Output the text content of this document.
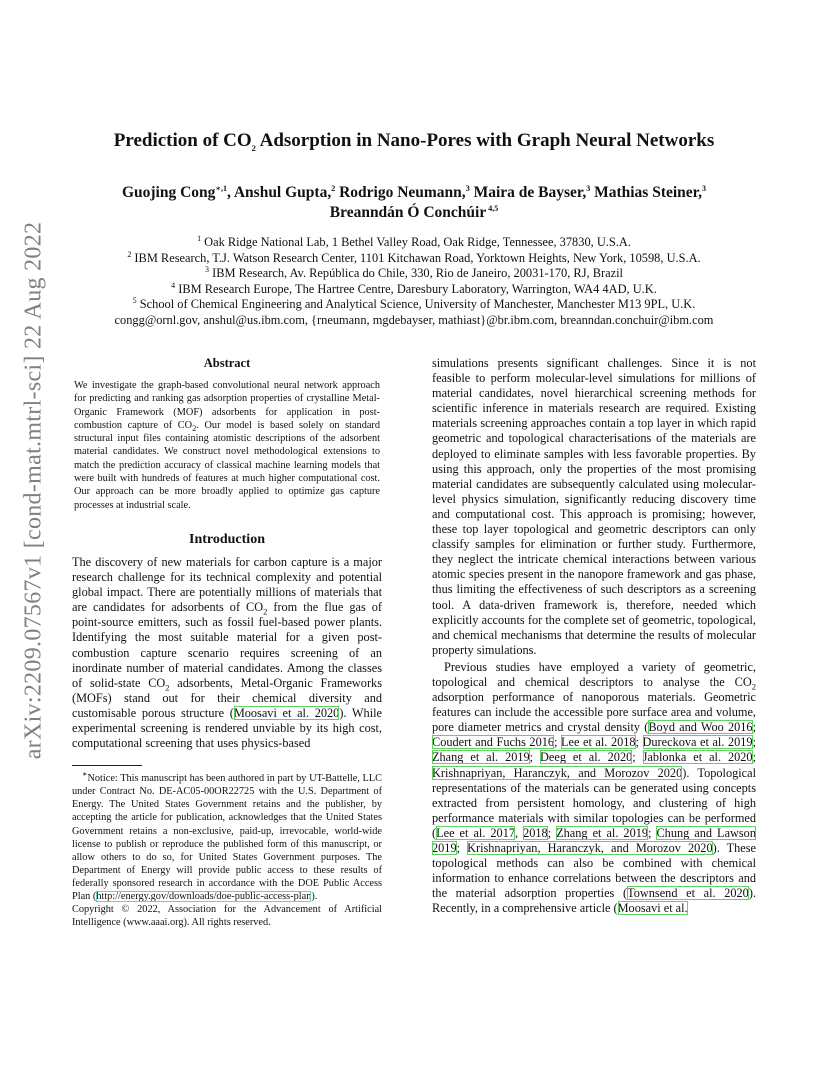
arXiv:2209.07567v1 [cond-mat.mtrl-sci] 22 Aug 2022
Prediction of $CO_2$ Adsorption in Nano-Pores with Graph Neural Networks
Guojing Cong$^{∗,1}$, Anshul Gupta,$^2$ Rodrigo Neumann,$^3$ Maira de Bayser,$^3$ Mathias Steiner,$^3$
Breanndán Ó Conchúir $^{4,5}$
$^1$ Oak Ridge National Lab, 1 Bethel Valley Road, Oak Ridge, Tennessee, 37830, U.S.A.
$^2$ IBM Research, T.J. Watson Research Center, 1101 Kitchawan Road, Yorktown Heights, New York, 10598, U.S.A.
$^3$ IBM Research, Av. República do Chile, 330, Rio de Janeiro, 20031-170, RJ, Brazil
$^4$ IBM Research Europe, The Hartree Centre, Daresbury Laboratory, Warrington, WA4 4AD, U.K.
$^5$ School of Chemical Engineering and Analytical Science, University of Manchester, Manchester M13 9PL, U.K.
congg@ornl.gov, anshul@us.ibm.com, {rneumann, mgdebayser, mathiast}@br.ibm.com, breanndan.conchuir@ibm.com
Abstract

We investigate the graph-based convolutional neural network approach for predicting and ranking gas adsorption properties of crystalline Metal-Organic Framework (MOF) adsorbents for application in post-combustion capture of $CO_2$. Our model is based solely on standard structural input files containing atomistic descriptions of the adsorbent material candidates. We construct novel methodological extensions to match the prediction accuracy of classical machine learning models that were built with hundreds of features at much higher computational cost. Our approach can be more broadly applied to optimize gas capture processes at industrial scale.

Introduction

The discovery of new materials for carbon capture is a major research challenge for its technical complexity and potential global impact. There are potentially millions of materials that are candidates for adsorbents of $CO_2$ from the flue gas of point-source emitters, such as fossil fuel-based power plants. Identifying the most suitable material for a given post-combustion capture scenario requires screening of an inordinate number of material candidates. Among the classes of solid-state $CO_2$ adsorbents, Metal-Organic Frameworks (MOFs) stand out for their chemical diversity and customisable porous structure (Moosavi et al. 2020). While experimental screening is rendered unviable by its high cost, computational screening that uses physics-based

∗Notice: This manuscript has been authored in part by UT-Battelle, LLC under Contract No. DE-AC05-00OR22725 with the U.S. Department of Energy. The United States Government retains and the publisher, by accepting the article for publication, acknowledges that the United States Government retains a non-exclusive, paid-up, irrevocable, world-wide license to publish or reproduce the published form of this manuscript, or allow others to do so, for United States Government purposes. The Department of Energy will provide public access to these results of federally sponsored research in accordance with the DOE Public Access Plan (http://energy.gov/downloads/doe-public-access-plan).

Copyright © 2022, Association for the Advancement of Artificial Intelligence (www.aaai.org). All rights reserved.

simulations presents significant challenges. Since it is not feasible to perform molecular-level simulations for millions of material candidates, novel hierarchical screening methods for scientific inference in materials research are required. Existing materials screening approaches contain a top layer in which rapid geometric and topological characterisations of the materials are deployed to eliminate samples with less favorable properties. By using this approach, only the properties of the most promising material candidates are subsequently calculated using molecular-level physics simulation, significantly reducing discovery time and computational cost. This approach is promising; however, these top layer topological and geometric descriptors can only classify samples for elimination or further study. Furthermore, they neglect the intricate chemical interactions between various atomic species present in the nanopore framework and gas phase, thus limiting the effectiveness of such descriptors as a screening tool. A data-driven framework is, therefore, needed which explicitly accounts for the complete set of geometric, topological, and chemical mechanisms that determine the results of molecular property simulations.

Previous studies have employed a variety of geometric, topological and chemical descriptors to analyse the $CO_2$ adsorption performance of nanoporous materials. Geometric features can include the accessible pore surface area and volume, pore diameter metrics and crystal density (Boyd and Woo 2016; Coudert and Fuchs 2016; Lee et al. 2018; Dureckova et al. 2019; Zhang et al. 2019; Deeg et al. 2020; Jablonka et al. 2020; Krishnapriyan, Haranczyk, and Morozov 2020). Topological representations of the materials can be generated using concepts extracted from persistent homology, and clustering of high performance materials with similar topologies can be performed (Lee et al. 2017, 2018; Zhang et al. 2019; Chung and Lawson 2019; Krishnapriyan, Haranczyk, and Morozov 2020). These topological methods can also be combined with chemical information to enhance correlations between the descriptors and the material adsorption properties (Townsend et al. 2020). Recently, in a comprehensive article (Moosavi et al.
